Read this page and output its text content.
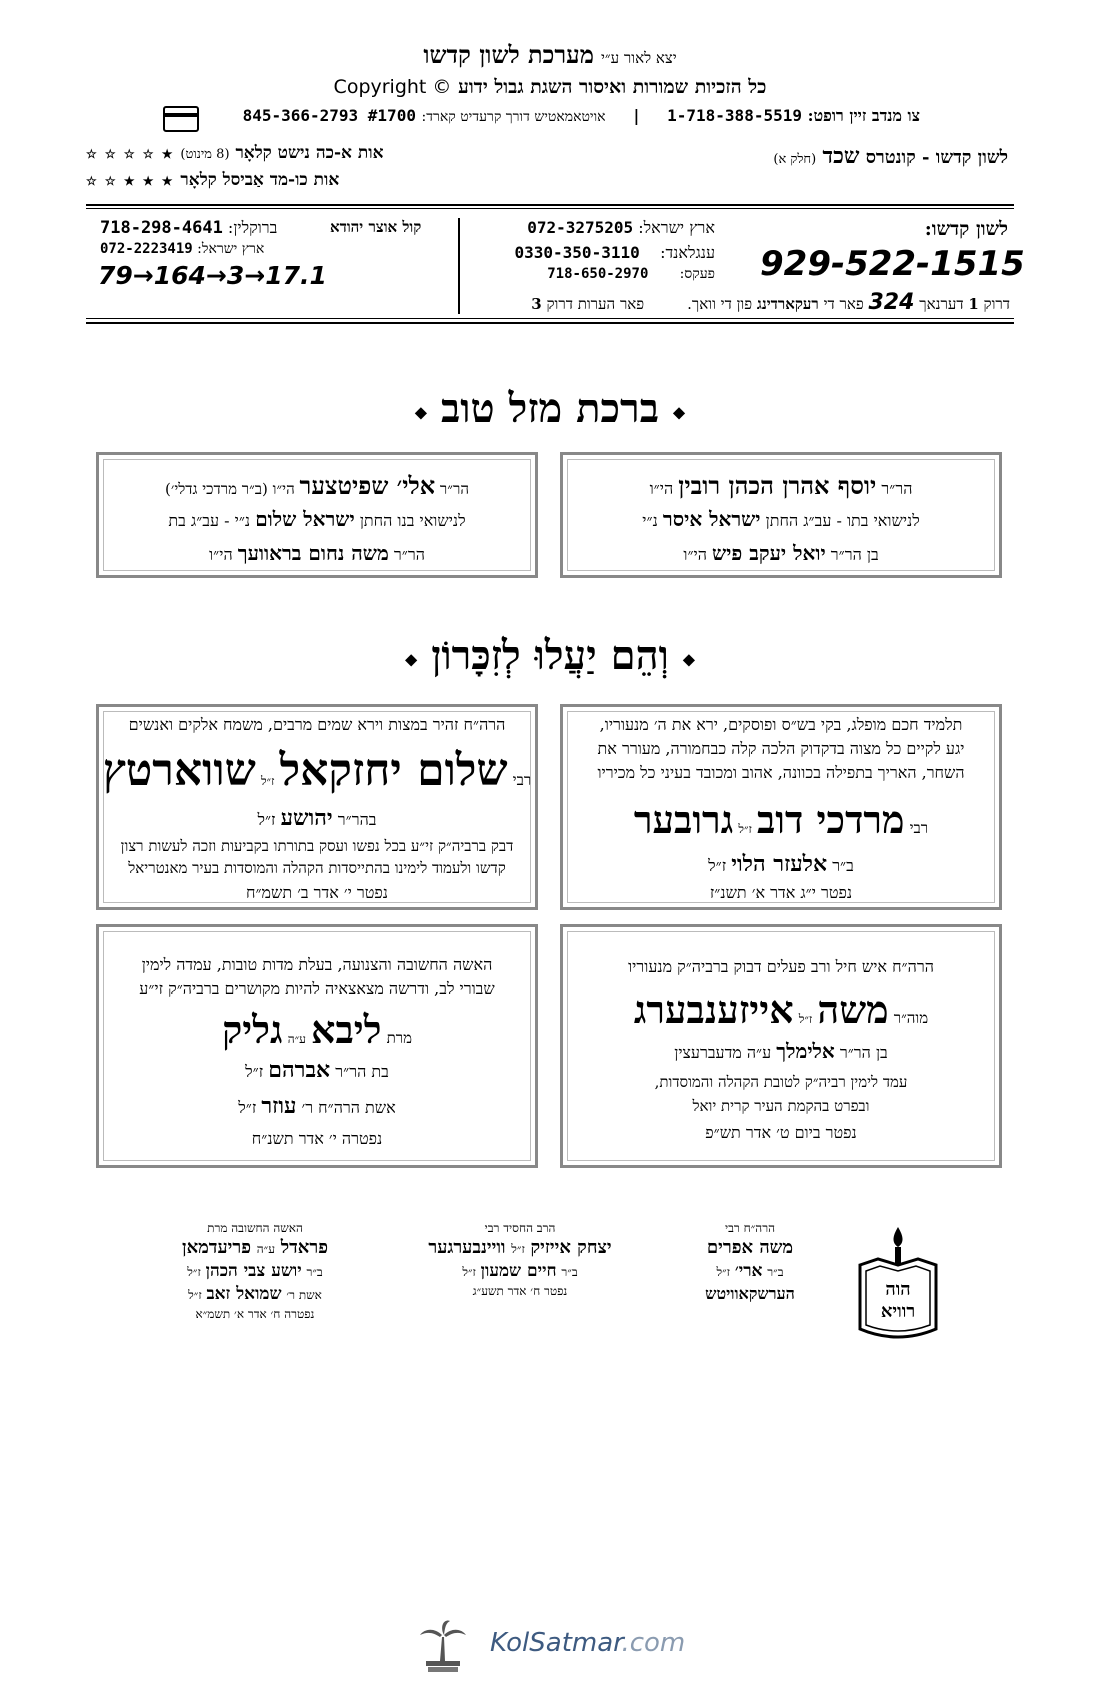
יצא לאור ע״י מערכת לשון קדשו
כל הזכיות שמורות ואיסור השגת גבול ידוע Copyright ©
צו מנדב זיין רופט: 1-718-388-5519     |     אויטאמאטיש דורך קרעדיט קארד: 845-366-2793 #1700
לשון קדשו - קונטרס שכד (חלק א)
אות א-כה נישט קלאָר (8 מינוט) ★ ☆ ☆ ☆ ☆
אות כו-מד אַביסל קלאָר ★ ★ ★ ☆ ☆
לשון קדשו:
929-522-1515
ארץ ישראל: 072-3275205
ענגלאנד:    0330-350-3110
פעקס:       718-650-2970
דרוק 1 דערנאך 324 פאר די רעקארדינג פון די וואך.         פאר הערות דרוק 3
קול אוצר יהודא
ברוקלין: 718-298-4641
ארץ ישראל: 072-2223419
79→164→3→17.1
◆ ברכת מזל טוב ◆
הר״ר יוסף אהרן הכהן רובין הי״ו
לנישואי בתו - עב״ג החתן ישראל איסר נ״י
בן הר״ר יואל יעקב פיש הי״ו
הר״ר אלי׳ שפיטצער הי״ו (ב״ר מרדכי גדלי׳)
לנישואי בנו החתן ישראל שלום נ״י - עב״ג בת
הר״ר משה נחום בראוועך הי״ו
◆ וְהֵם יַעֲלוּ לְזִכָּרוֹן ◆
תלמיד חכם מופלג, בקי בש״ס ופוסקים, ירא את ה׳ מנעוריו,
יגע לקיים כל מצוה בדקדוק הלכה קלה כבחמורה, מעורר את
השחר, האריך בתפילה בכוונה, אהוב ומכובד בעיני כל מכיריו
רבי מרדכי דוב ז״ל גרובער
ב״ר אלעזר הלוי ז״ל
נפטר י״ג אדר א׳ תשנ״ז
הרה״ח זהיר במצות וירא שמים מרבים, משמח אלקים ואנשים
רבי שלום יחזקאל ז״ל שווארטץ
בהר״ר יהושע ז״ל
דבק ברביה״ק זי״ע בכל נפשו ועסק בתורתו בקביעות וזכה לעשות רצון
קדשו ולעמוד לימינו בהתייסדות הקהלה והמוסדות בעיר מאנטריאל
נפטר י׳ אדר ב׳ תשמ״ח
הרה״ח איש חיל ורב פעלים דבוק ברביה״ק מנעוריו
מוה״ר משה ז״ל אייזענבערג
בן הר״ר אלימלך ע״ה מדעברעצין
עמד לימין רביה״ק לטובת הקהלה והמוסדות,
ובפרט בהקמת העיר קרית יואל
נפטר ביום ט׳ אדר תש״פ
האשה החשובה והצנועה, בעלת מדות טובות, עמדה לימין
שבורי לב, ודרשה מצאצאיה להיות מקושרים ברביה״ק זי״ע
מרת ליבא ע״ה גליק
בת הר״ר אברהם ז״ל
אשת הרה״ח ר׳ עוזר ז״ל
נפטרה י׳ אדר תשנ״ח
הוה
רוויא
הרה״ח רבי
משה אפרים
ב״ר ארי׳ ז״ל
הערשקאוויטש
הרב החסיד רבי
יצחק אייזיק ז״ל וויינבערגער
ב״ר חיים שמעון ז״ל
נפטר ח׳ אדר תשע״ג
האשה החשובה מרת
פראדל ע״ה פריעדמאן
ב״ר יושע צבי הכהן ז״ל
אשת ר׳ שמואל זאב ז״ל
נפטרה ח׳ אדר א׳ תשמ״א
KolSatmar.com
